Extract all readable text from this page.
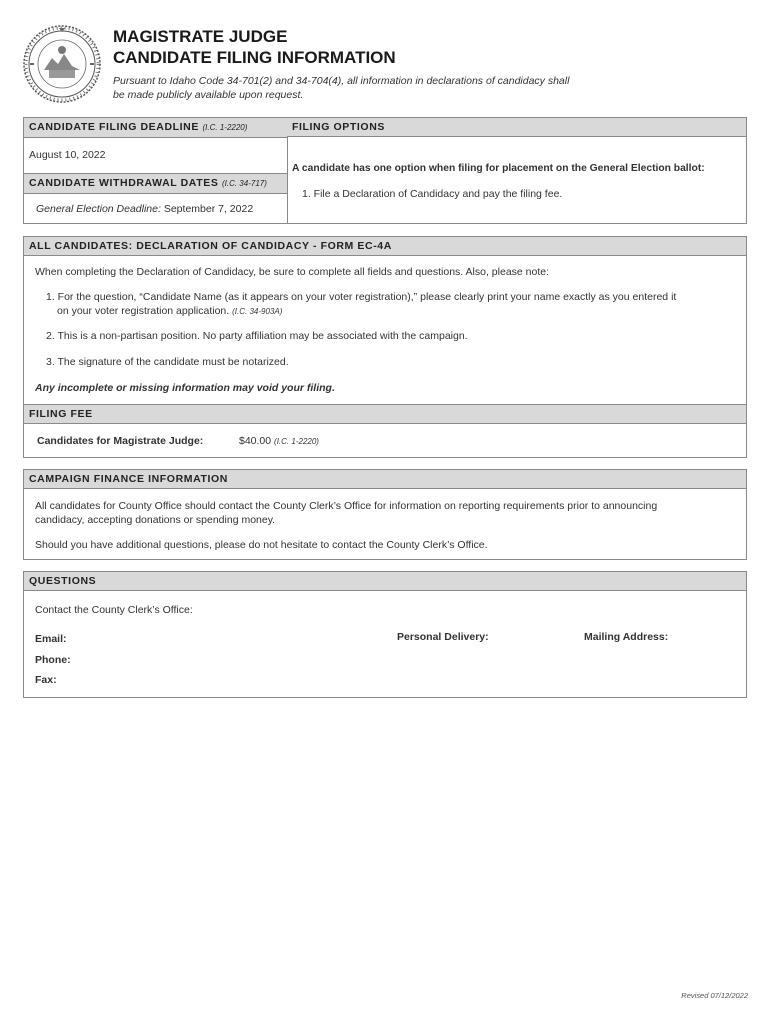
MAGISTRATE JUDGE
CANDIDATE FILING INFORMATION
Pursuant to Idaho Code 34-701(2) and 34-704(4), all information in declarations of candidacy shall
be made publicly available upon request.
CANDIDATE FILING DEADLINE (I.C. 1-2220)
August 10, 2022
CANDIDATE WITHDRAWAL DATES (I.C. 34-717)
General Election Deadline: September 7, 2022
FILING OPTIONS
A candidate has one option when filing for placement on the General Election ballot:
1. File a Declaration of Candidacy and pay the filing fee.
ALL CANDIDATES: DECLARATION OF CANDIDACY - FORM EC-4A
When completing the Declaration of Candidacy, be sure to complete all fields and questions. Also, please note:
1. For the question, “Candidate Name (as it appears on your voter registration),” please clearly print your name exactly as you entered it
on your voter registration application. (I.C. 34-903A)
2. This is a non-partisan position. No party affiliation may be associated with the campaign.
3. The signature of the candidate must be notarized.
Any incomplete or missing information may void your filing.
FILING FEE
Candidates for Magistrate Judge:	$40.00 (I.C. 1-2220)
CAMPAIGN FINANCE INFORMATION
All candidates for County Office should contact the County Clerk’s Office for information on reporting requirements prior to announcing
candidacy, accepting donations or spending money.
Should you have additional questions, please do not hesitate to contact the County Clerk’s Office.
QUESTIONS
Contact the County Clerk’s Office:
Email:
Phone:
Fax:
Personal Delivery:	Mailing Address:
Revised 07/12/2022
